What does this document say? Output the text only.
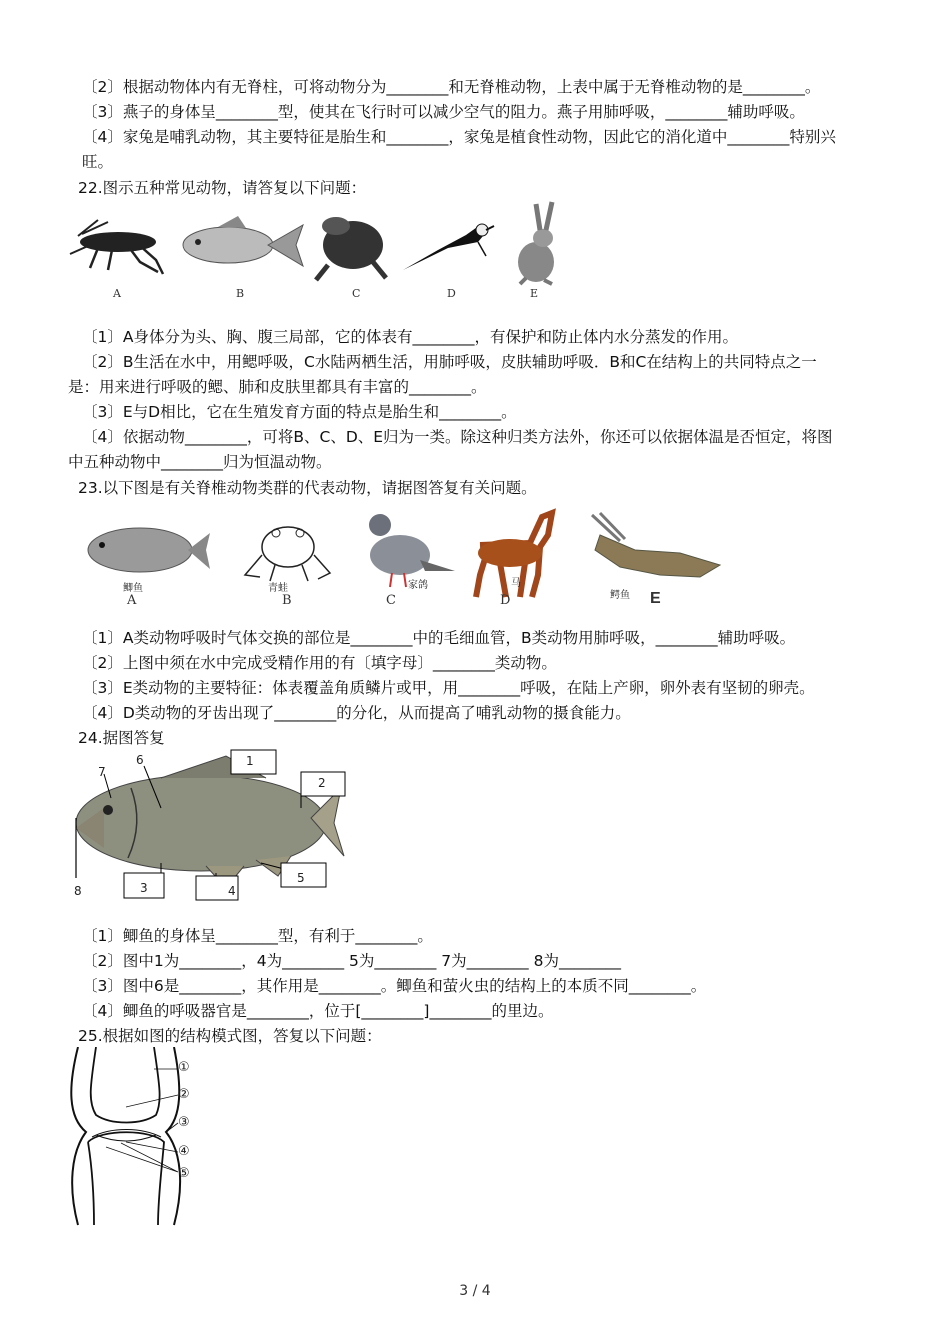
〔2〕根据动物体内有无脊柱，可将动物分为________和无脊椎动物，上表中属于无脊椎动物的是________。
〔3〕燕子的身体呈________型，使其在飞行时可以减少空气的阻力。燕子用肺呼吸，________辅助呼吸。
〔4〕家兔是哺乳动物，其主要特征是胎生和________，家兔是植食性动物，因此它的消化道中________特别兴
旺。
22.图示五种常见动物，请答复以下问题：
A	B	C	D	E
〔1〕A身体分为头、胸、腹三局部，它的体表有________，有保护和防止体内水分蒸发的作用。
〔2〕B生活在水中，用鳃呼吸，C水陆两栖生活，用肺呼吸，皮肤辅助呼吸．B和C在结构上的共同特点之一
是：用来进行呼吸的鳃、肺和皮肤里都具有丰富的________。
〔3〕E与D相比，它在生殖发育方面的特点是胎生和________。
〔4〕依据动物________，可将B、C、D、E归为一类。除这种归类方法外，你还可以依据体温是否恒定，将图
中五种动物中________归为恒温动物。
23.以下图是有关脊椎动物类群的代表动物，请据图答复有关问题。
鲫鱼
A
青蛙
B
家鸽
C
马
D	鳄鱼 E
〔1〕A类动物呼吸时气体交换的部位是________中的毛细血管，B类动物用肺呼吸，________辅助呼吸。
〔2〕上图中须在水中完成受精作用的有〔填字母〕________类动物。
〔3〕E类动物的主要特征：体表覆盖角质鳞片或甲，用________呼吸，在陆上产卵，卵外表有坚韧的卵壳。
〔4〕D类动物的牙齿出现了________的分化，从而提高了哺乳动物的摄食能力。
24.据图答复
1
2
3	4
5
6
7
8
〔1〕鲫鱼的身体呈________型，有利于________。
〔2〕图中1为________，4为________ 5为________ 7为________ 8为________
〔3〕图中6是________，其作用是________。鲫鱼和萤火虫的结构上的本质不同________。
〔4〕鲫鱼的呼吸器官是________，位于[________]________的里边。
25.根据如图的结构模式图，答复以下问题：
①
②
③
④
⑤
3 / 4
